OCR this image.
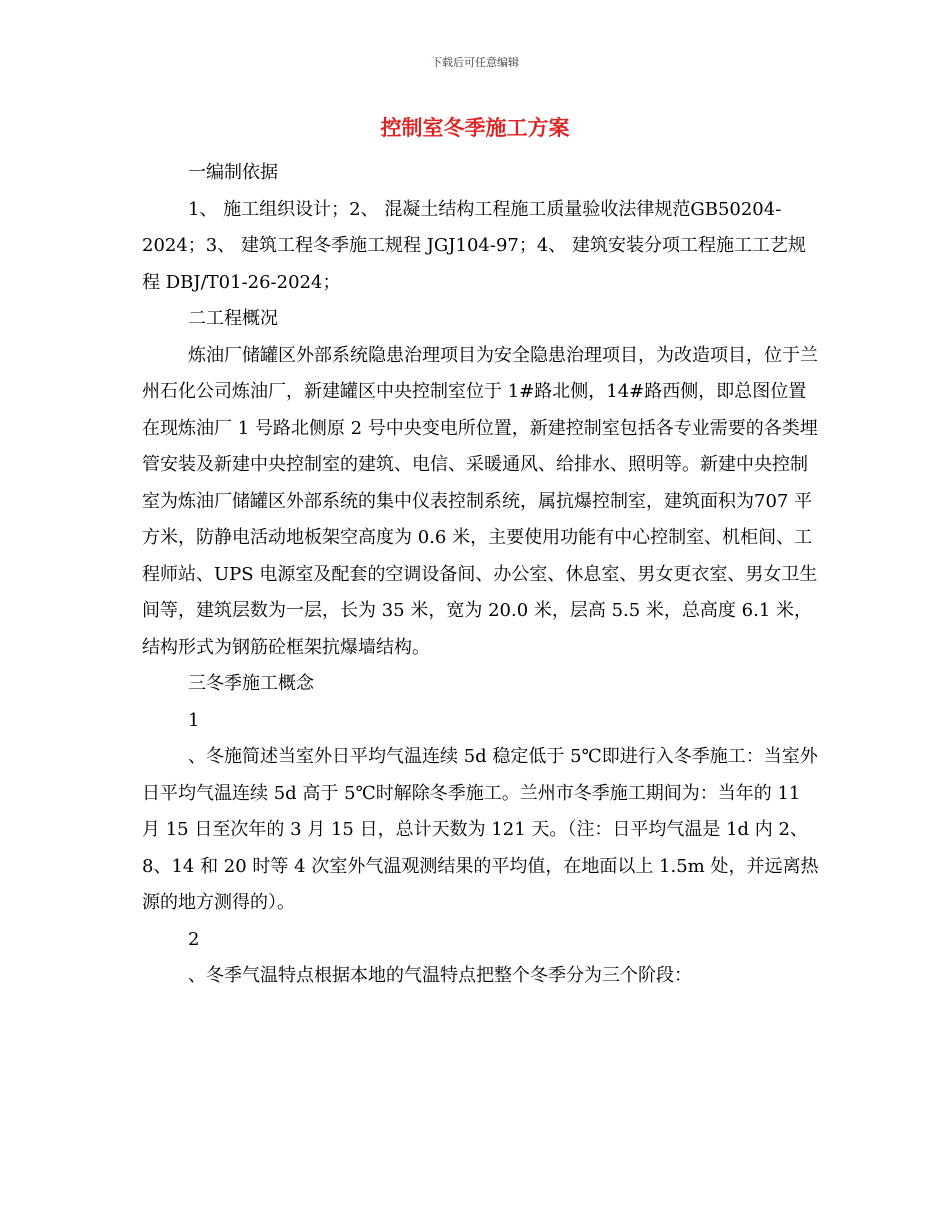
下载后可任意编辑
控制室冬季施工方案

一编制依据

1、 施工组织设计；2、 混凝土结构工程施工质量验收法律规范GB50204-2024；3、 建筑工程冬季施工规程 JGJ104-97；4、 建筑安装分项工程施工工艺规程 DBJ/T01-26-2024；

二工程概况

炼油厂储罐区外部系统隐患治理项目为安全隐患治理项目，为改造项目，位于兰州石化公司炼油厂，新建罐区中央控制室位于 1#路北侧，14#路西侧，即总图位置在现炼油厂 1 号路北侧原 2 号中央变电所位置，新建控制室包括各专业需要的各类埋管安装及新建中央控制室的建筑、电信、采暖通风、给排水、照明等。新建中央控制室为炼油厂储罐区外部系统的集中仪表控制系统，属抗爆控制室，建筑面积为707 平方米，防静电活动地板架空高度为 0.6 米，主要使用功能有中心控制室、机柜间、工程师站、UPS 电源室及配套的空调设备间、办公室、休息室、男女更衣室、男女卫生间等，建筑层数为一层，长为 35 米，宽为 20.0 米，层高 5.5 米，总高度 6.1 米，结构形式为钢筋砼框架抗爆墙结构。

三冬季施工概念

1

、冬施简述当室外日平均气温连续 5d 稳定低于 5℃即进行入冬季施工：当室外日平均气温连续 5d 高于 5℃时解除冬季施工。兰州市冬季施工期间为：当年的 11 月 15 日至次年的 3 月 15 日，总计天数为 121 天。（注：日平均气温是 1d 内 2、8、14 和 20 时等 4 次室外气温观测结果的平均值，在地面以上 1.5m 处，并远离热源的地方测得的）。

2

、冬季气温特点根据本地的气温特点把整个冬季分为三个阶段：
